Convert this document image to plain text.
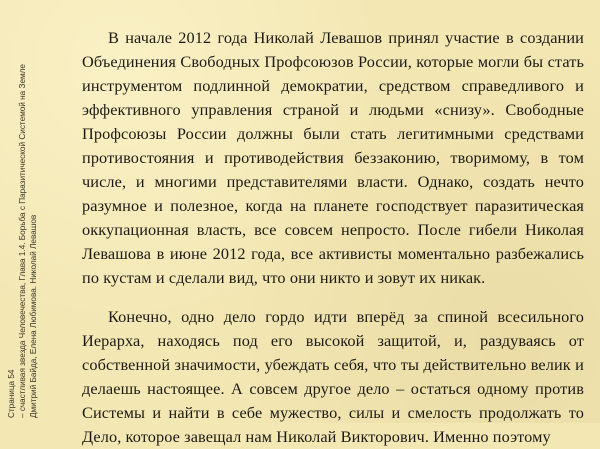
Страница 54 – счастливая звезда Человечества, Глава 1.4. Борьба с Паразитической Системой на Земле Дмитрий Байда, Елена Любимова. Николай Левашов

В начале 2012 года Николай Левашов принял участие в создании Объединения Свободных Профсоюзов России, которые могли бы стать инструментом подлинной демократии, средством справедливого и эффективного управления страной и людьми «снизу». Свободные Профсоюзы России должны были стать легитимными средствами противостояния и противодействия беззаконию, творимому, в том числе, и многими представителями власти. Однако, создать нечто разумное и полезное, когда на планете господствует паразитическая оккупационная власть, все совсем непросто. После гибели Николая Левашова в июне 2012 года, все активисты моментально разбежались по кустам и сделали вид, что они никто и зовут их никак.

Конечно, одно дело гордо идти вперёд за спиной всесильного Иерарха, находясь под его высокой защитой, и, раздуваясь от собственной значимости, убеждать себя, что ты действительно велик и делаешь настоящее. А совсем другое дело – остаться одному против Системы и найти в себе мужество, силы и смелость продолжать то Дело, которое завещал нам Николай Викторович. Именно поэтому
